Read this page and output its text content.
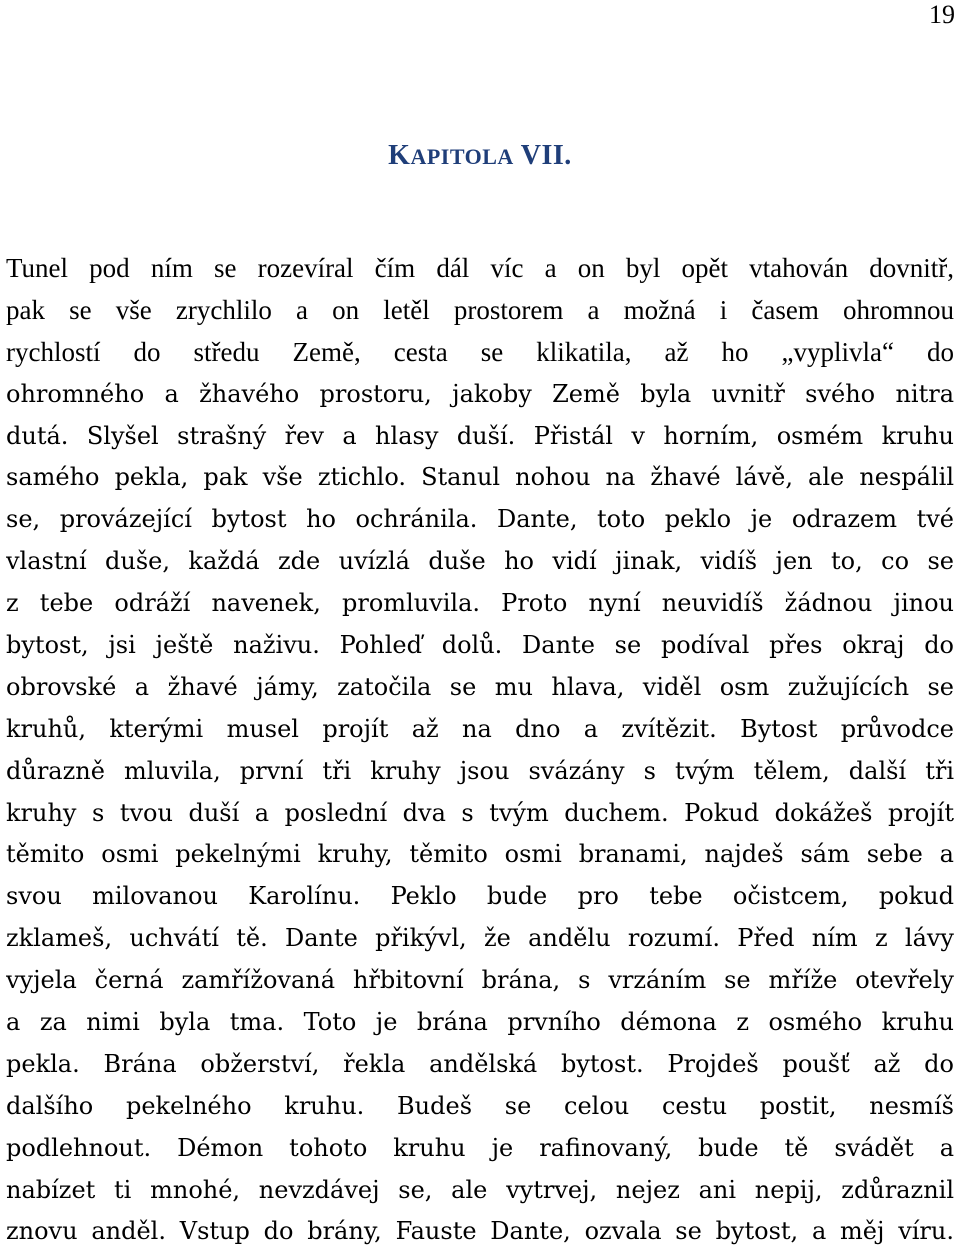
19
KAPITOLA VII.
Tunel pod ním se rozevíral čím dál víc a on byl opět vtahován dovnitř,
pak se vše zrychlilo a on letěl prostorem a možná i časem ohromnou
rychlostí do středu Země, cesta se klikatila, až ho „vyplivla“ do
ohromného a žhavého prostoru, jakoby Země byla uvnitř svého nitra
dutá. Slyšel strašný řev a hlasy duší. Přistál v horním, osmém kruhu
samého pekla, pak vše ztichlo. Stanul nohou na žhavé lávě, ale nespálil
se, provázející bytost ho ochránila. Dante, toto peklo je odrazem tvé
vlastní duše, každá zde uvízlá duše ho vidí jinak, vidíš jen to, co se
z tebe odráží navenek, promluvila. Proto nyní neuvidíš žádnou jinou
bytost, jsi ještě naživu. Pohleď dolů. Dante se podíval přes okraj do
obrovské a žhavé jámy, zatočila se mu hlava, viděl osm zužujících se
kruhů, kterými musel projít až na dno a zvítězit. Bytost průvodce
důrazně mluvila, první tři kruhy jsou svázány s tvým tělem, další tři
kruhy s tvou duší a poslední dva s tvým duchem. Pokud dokážeš projít
těmito osmi pekelnými kruhy, těmito osmi branami, najdeš sám sebe a
svou milovanou Karolínu. Peklo bude pro tebe očistcem, pokud
zklameš, uchvátí tě. Dante přikývl, že andělu rozumí. Před ním z lávy
vyjela černá zamřížovaná hřbitovní brána, s vrzáním se mříže otevřely
a za nimi byla tma. Toto je brána prvního démona z osmého kruhu
pekla. Brána obžerství, řekla andělská bytost. Projdeš poušť až do
dalšího pekelného kruhu. Budeš se celou cestu postit, nesmíš
podlehnout. Démon tohoto kruhu je rafinovaný, bude tě svádět a
nabízet ti mnohé, nevzdávej se, ale vytrvej, nejez ani nepij, zdůraznil
znovu anděl. Vstup do brány, Fauste Dante, ozvala se bytost, a měj víru.
